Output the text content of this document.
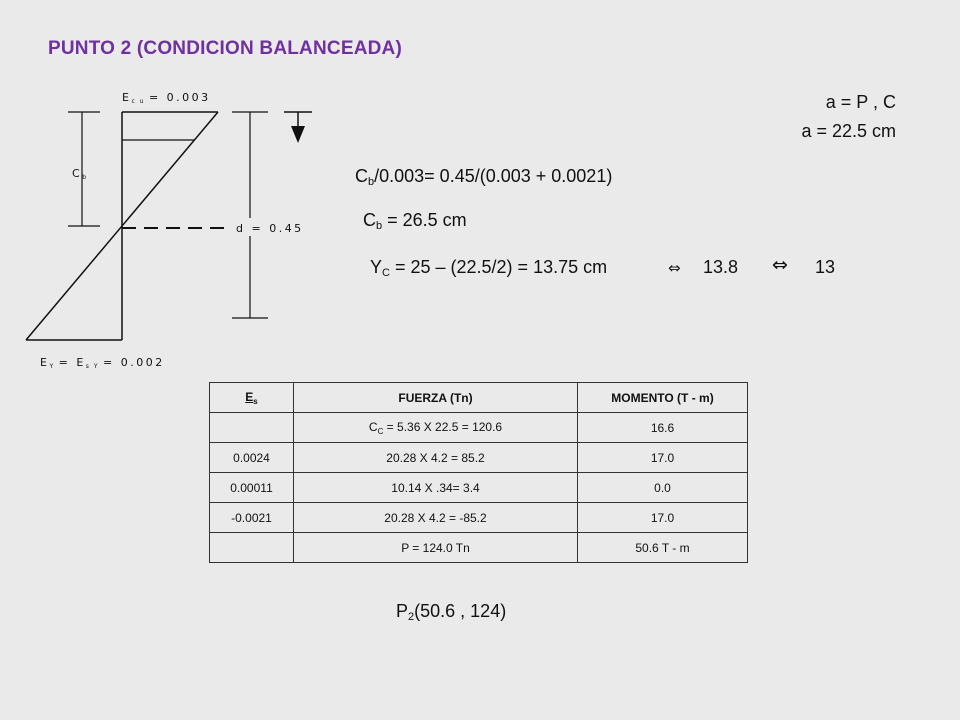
PUNTO 2 (CONDICION BALANCEADA)
Cb
d = 0.45
Ec u = 0.003
EY = Es Y = 0.002
a = P , C
a = 22.5 cm
$C_b/0.003= 0.45/(0.003 + 0.0021)$
$C_b = 26.5$ cm
$Y_C = 25 - (22.5/2) = 13.75$ cm	⇔ 13.8 ⇔ 13
$E_s$	FUERZA (Tn)	MOMENTO (T - m)
	$C_C = 5.36$ X 22.5 = 120.6	16.6
0.0024	20.28 X 4.2 = 85.2	17.0
0.00011	10.14 X .34= 3.4	0.0
-0.0021	20.28 X 4.2 = -85.2	17.0
	P = 124.0 Tn	50.6 T - m
$P_2(50.6$ , 124)
